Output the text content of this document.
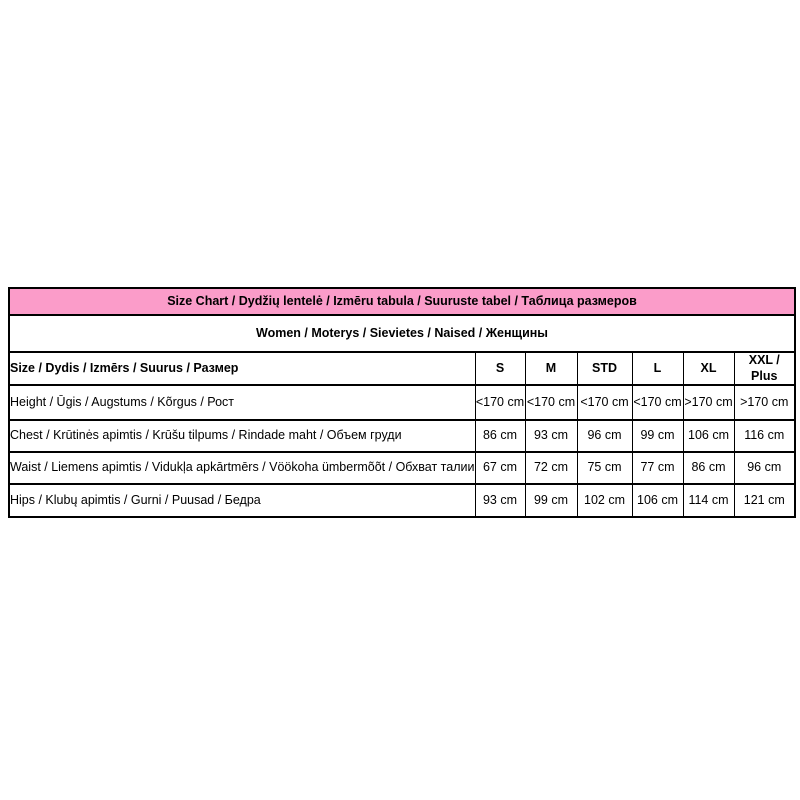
Size Chart / Dydžių lentelė / Izmēru tabula / Suuruste tabel / Таблица размеров						
Women / Moterys / Sievietes / Naised / Женщины						
Size / Dydis / Izmērs / Suurus / Размер	S	M	STD	L	XL	XXL / Plus
Height / Ūgis / Augstums / Kõrgus / Рост	<170 cm	<170 cm	<170 cm	<170 cm	>170 cm	>170 cm
Chest / Krūtinės apimtis / Krūšu tilpums / Rindade maht / Объем груди	86 cm	93 cm	96 cm	99 cm	106 cm	116 cm
Waist / Liemens apimtis / Vidukļa apkārtmērs / Vöökoha ümbermõõt / Обхват талии	67 cm	72 cm	75 cm	77 cm	86 cm	96 cm
Hips / Klubų apimtis / Gurni / Puusad / Бедра	93 cm	99 cm	102 cm	106 cm	114 cm	121 cm
